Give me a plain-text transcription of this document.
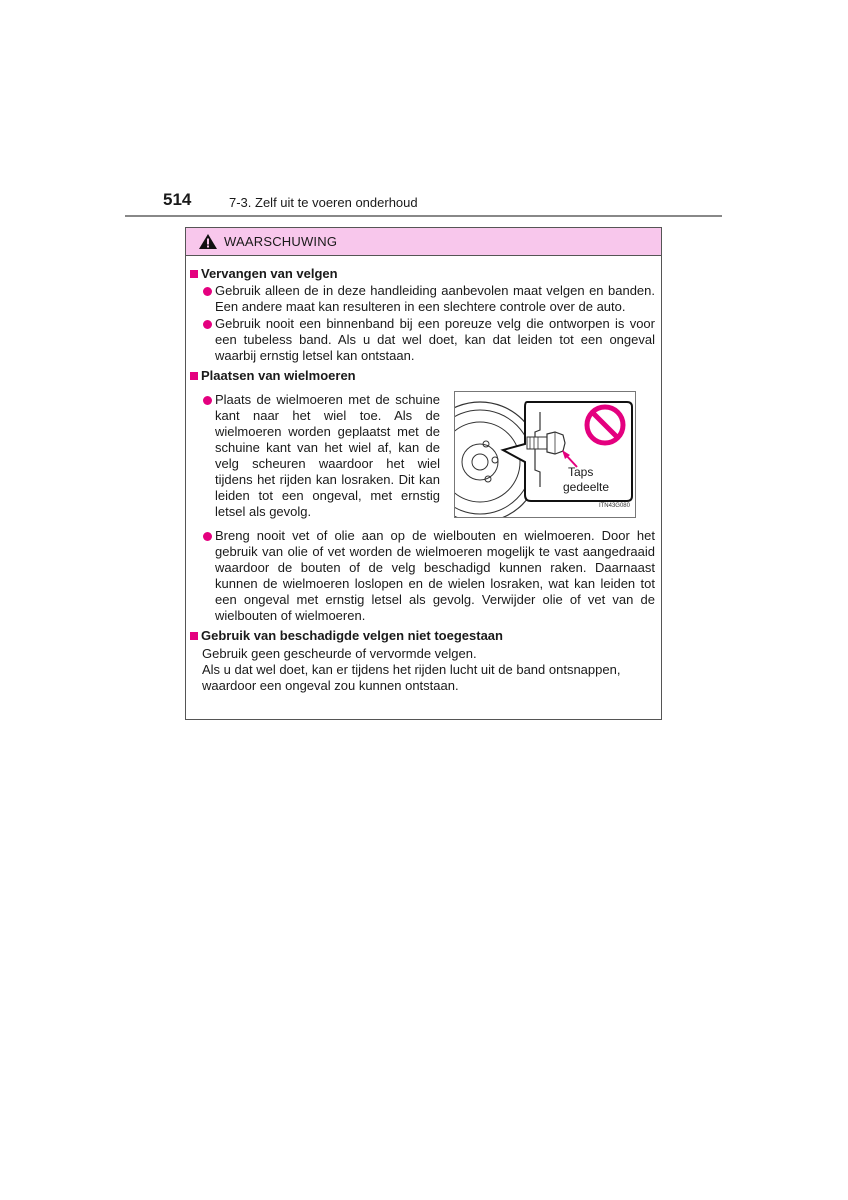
514	7-3. Zelf uit te voeren onderhoud
WAARSCHUWING
Vervangen van velgen
Gebruik alleen de in deze handleiding aanbevolen maat velgen en banden. Een andere maat kan resulteren in een slechtere controle over de auto.
Gebruik nooit een binnenband bij een poreuze velg die ontworpen is voor een tubeless band. Als u dat wel doet, kan dat leiden tot een ongeval waarbij ernstig letsel kan ontstaan.
Plaatsen van wielmoeren
Plaats de wielmoeren met de schuine kant naar het wiel toe. Als de wielmoeren worden geplaatst met de schuine kant van het wiel af, kan de velg scheuren waardoor het wiel tijdens het rijden kan losraken. Dit kan leiden tot een ongeval, met ernstig letsel als gevolg.
Taps
gedeelte
ITN43G080
Breng nooit vet of olie aan op de wielbouten en wielmoeren. Door het gebruik van olie of vet worden de wielmoeren mogelijk te vast aangedraaid waardoor de bouten of de velg beschadigd kunnen raken. Daarnaast kunnen de wielmoeren loslopen en de wielen losraken, wat kan leiden tot een ongeval met ernstig letsel als gevolg. Verwijder olie of vet van de wielbouten of wielmoeren.
Gebruik van beschadigde velgen niet toegestaan
Gebruik geen gescheurde of vervormde velgen.
Als u dat wel doet, kan er tijdens het rijden lucht uit de band ontsnappen, waardoor een ongeval zou kunnen ontstaan.
